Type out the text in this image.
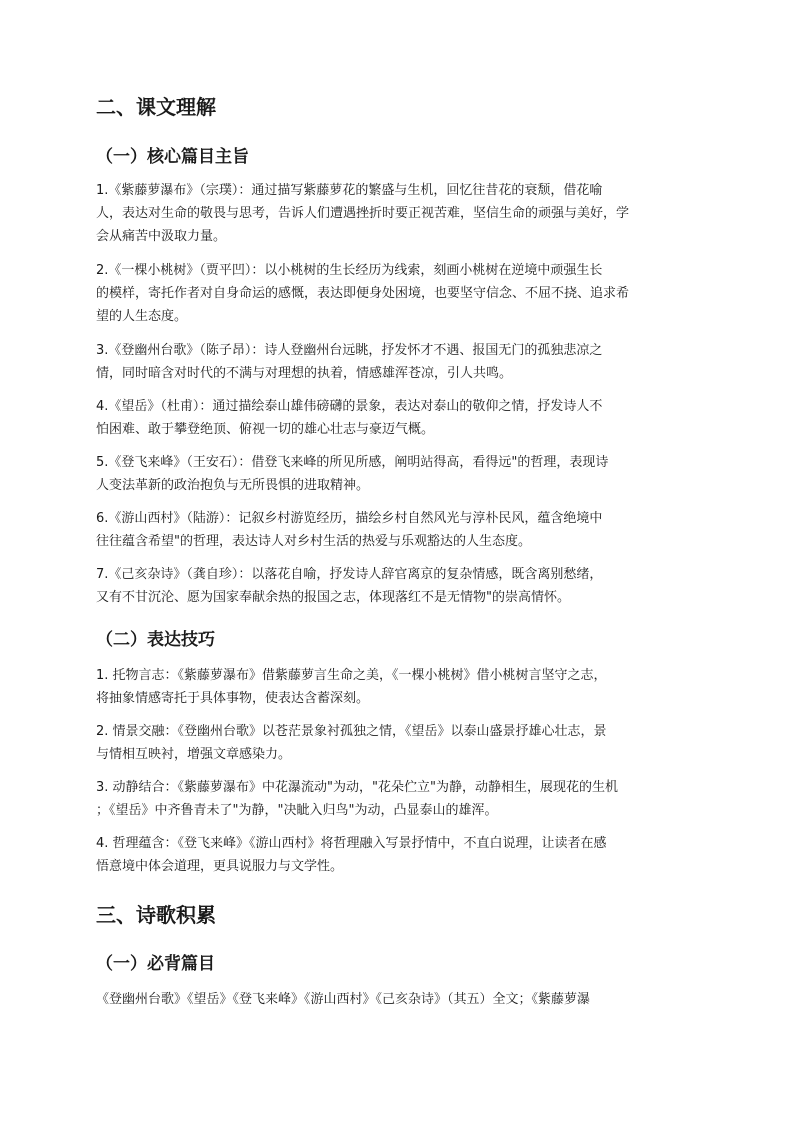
二、课文理解
（一）核心篇目主旨
1.《紫藤萝瀑布》（宗璞）：通过描写紫藤萝花的繁盛与生机，回忆往昔花的衰颓，借花喻
人，表达对生命的敬畏与思考，告诉人们遭遇挫折时要正视苦难，坚信生命的顽强与美好，学
会从痛苦中汲取力量。
2.《一棵小桃树》（贾平凹）：以小桃树的生长经历为线索，刻画小桃树在逆境中顽强生长
的模样，寄托作者对自身命运的感慨，表达即便身处困境，也要坚守信念、不屈不挠、追求希
望的人生态度。
3.《登幽州台歌》（陈子昂）：诗人登幽州台远眺，抒发怀才不遇、报国无门的孤独悲凉之
情，同时暗含对时代的不满与对理想的执着，情感雄浑苍凉，引人共鸣。
4.《望岳》（杜甫）：通过描绘泰山雄伟磅礴的景象，表达对泰山的敬仰之情，抒发诗人不
怕困难、敢于攀登绝顶、俯视一切的雄心壮志与豪迈气概。
5.《登飞来峰》（王安石）：借登飞来峰的所见所感，阐明站得高，看得远"的哲理，表现诗
人变法革新的政治抱负与无所畏惧的进取精神。
6.《游山西村》（陆游）：记叙乡村游览经历，描绘乡村自然风光与淳朴民风，蕴含绝境中
往往蕴含希望"的哲理，表达诗人对乡村生活的热爱与乐观豁达的人生态度。
7.《己亥杂诗》（龚自珍）：以落花自喻，抒发诗人辞官离京的复杂情感，既含离别愁绪，
又有不甘沉沦、愿为国家奉献余热的报国之志，体现落红不是无情物"的崇高情怀。
（二）表达技巧
1. 托物言志：《紫藤萝瀑布》借紫藤萝言生命之美，《一棵小桃树》借小桃树言坚守之志，
将抽象情感寄托于具体事物，使表达含蓄深刻。
2. 情景交融：《登幽州台歌》以苍茫景象衬孤独之情，《望岳》以泰山盛景抒雄心壮志，景
与情相互映衬，增强文章感染力。
3. 动静结合：《紫藤萝瀑布》中花瀑流动"为动，"花朵伫立"为静，动静相生，展现花的生机
；《望岳》中齐鲁青未了"为静，"决眦入归鸟"为动，凸显泰山的雄浑。
4. 哲理蕴含：《登飞来峰》《游山西村》将哲理融入写景抒情中，不直白说理，让读者在感
悟意境中体会道理，更具说服力与文学性。
三、诗歌积累
（一）必背篇目
《登幽州台歌》《望岳》《登飞来峰》《游山西村》《己亥杂诗》（其五）全文；《紫藤萝瀑
